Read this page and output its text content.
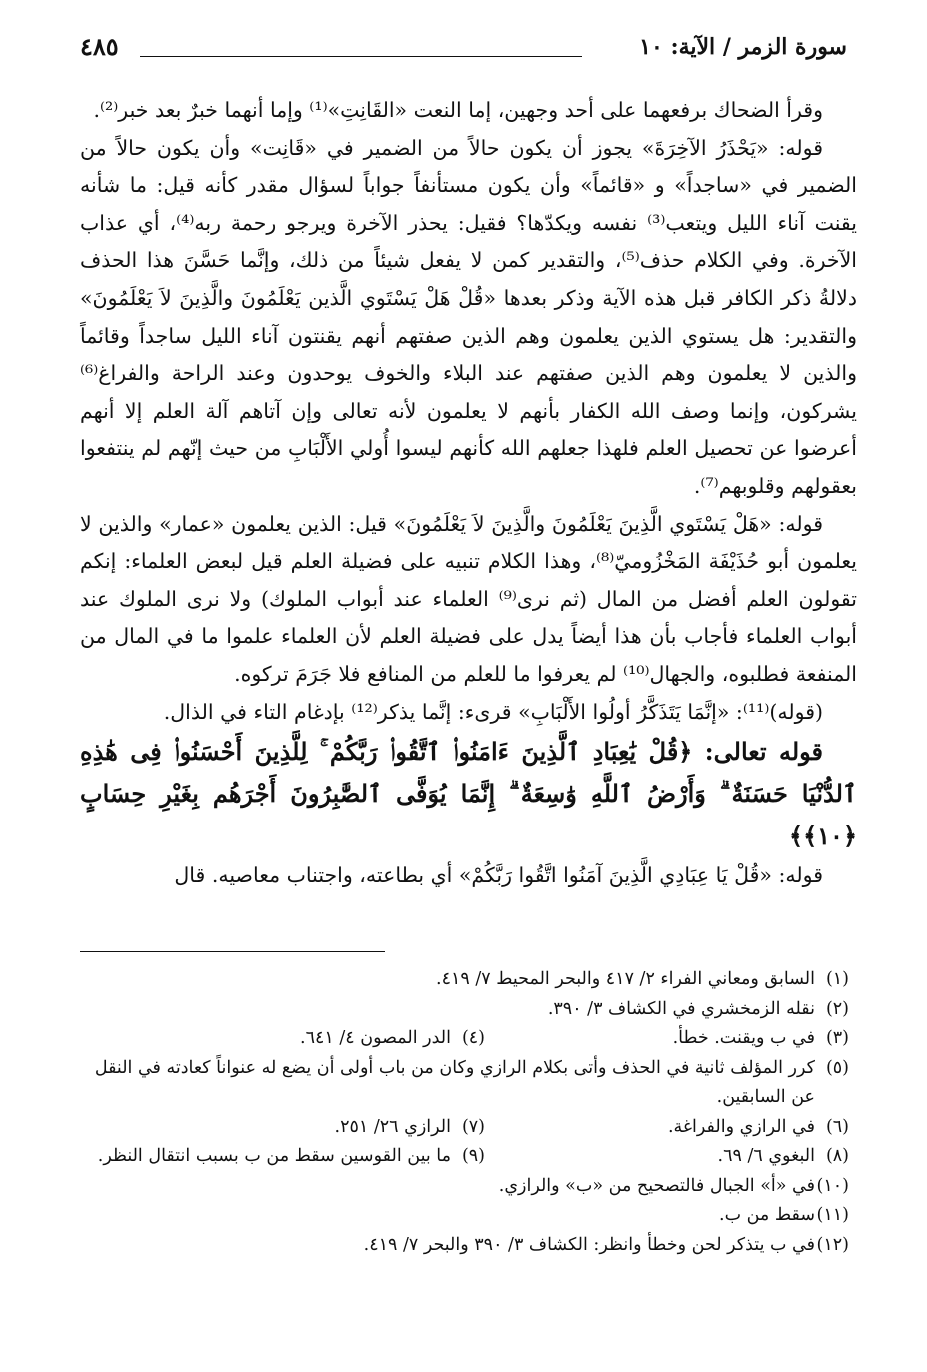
سورة الزمر / الآية: ١٠
٤٨٥

وقرأ الضحاك برفعهما على أحد وجهين، إما النعت «القَانِتِ»⁽¹⁾ وإما أنهما خبرٌ بعد خبر⁽²⁾.

قوله: «يَحْذَرُ الآخِرَةَ» يجوز أن يكون حالاً من الضمير في «قَانِت» وأن يكون حالاً من الضمير في «ساجداً» و «قائماً» وأن يكون مستأنفاً جواباً لسؤال مقدر كأنه قيل: ما شأنه يقنت آناء الليل ويتعب⁽³⁾ نفسه ويكدّها؟ فقيل: يحذر الآخرة ويرجو رحمة ربه⁽⁴⁾، أي عذاب الآخرة. وفي الكلام حذف⁽⁵⁾، والتقدير كمن لا يفعل شيئاً من ذلك، وإنَّما حَسَّنَ هذا الحذف دلالةُ ذكر الكافر قبل هذه الآية وذكر بعدها «قُلْ هَلْ يَسْتَوي الَّذين يَعْلَمُونَ والَّذِينَ لاَ يَعْلَمُونَ» والتقدير: هل يستوي الذين يعلمون وهم الذين صفتهم أنهم يقنتون آناء الليل ساجداً وقائماً والذين لا يعلمون وهم الذين صفتهم عند البلاء والخوف يوحدون وعند الراحة والفراغ⁽⁶⁾ يشركون، وإنما وصف الله الكفار بأنهم لا يعلمون لأنه تعالى وإن آتاهم آلة العلم إلا أنهم أعرضوا عن تحصيل العلم فلهذا جعلهم الله كأنهم ليسوا أُولي الأَلْبَابِ من حيث إنّهم لم ينتفعوا بعقولهم وقلوبهم⁽⁷⁾.

قوله: «هَلْ يَسْتَوي الَّذِينَ يَعْلَمُونَ والَّذِينَ لاَ يَعْلَمُونَ» قيل: الذين يعلمون «عمار» والذين لا يعلمون أبو حُذَيْفَة المَخْزُوميّ⁽⁸⁾، وهذا الكلام تنبيه على فضيلة العلم قيل لبعض العلماء: إنكم تقولون العلم أفضل من المال (ثم نرى⁽⁹⁾ العلماء عند أبواب الملوك) ولا نرى الملوك عند أبواب العلماء فأجاب بأن هذا أيضاً يدل على فضيلة العلم لأن العلماء علموا ما في المال من المنفعة فطلبوه، والجهال⁽¹⁰⁾ لم يعرفوا ما للعلم من المنافع فلا جَرَمَ تركوه.

(قوله)⁽¹¹⁾: «إنَّمَا يَتَذَكَّرُ أولُوا الأَلْبَابِ» قرىء: إنَّما يذكر⁽¹²⁾ بإدغام التاء في الذال.

قوله تعالى: ﴿قُلْ يَٰعِبَادِ ٱلَّذِينَ ءَامَنُوا۟ ٱتَّقُوا۟ رَبَّكُمْ ۚ لِلَّذِينَ أَحْسَنُوا۟ فِى هَٰذِهِ ٱلدُّنْيَا حَسَنَةٌ ۗ وَأَرْضُ ٱللَّهِ وَٰسِعَةٌ ۗ إِنَّمَا يُوَفَّى ٱلصَّٰبِرُونَ أَجْرَهُم بِغَيْرِ حِسَابٍ ﴿١٠﴾﴾

قوله: «قُلْ يَا عِبَادِي الَّذِينَ آمَنُوا اتَّقُوا رَبَّكُمْ» أي بطاعته، واجتناب معاصيه. قال

(١)
السابق ومعاني الفراء ٢/ ٤١٧ والبحر المحيط ٧/ ٤١٩.

(٢)
نقله الزمخشري في الكشاف ٣/ ٣٩٠.

(٣)
في ب ويقنت. خطأ.

(٤)
الدر المصون ٤/ ٦٤١.

(٥)
كرر المؤلف ثانية في الحذف وأتى بكلام الرازي وكان من باب أولى أن يضع له عنواناً كعادته في النقل عن السابقين.

(٦)
في الرازي والفراغة.

(٧)
الرازي ٢٦/ ٢٥١.

(٨)
البغوي ٦/ ٦٩.

(٩)
ما بين القوسين سقط من ب بسبب انتقال النظر.

(١٠)
في «أ» الجبال فالتصحيح من «ب» والرازي.

(١١)
سقط من ب.

(١٢)
في ب يتذكر لحن وخطأ وانظر: الكشاف ٣/ ٣٩٠ والبحر ٧/ ٤١٩.
